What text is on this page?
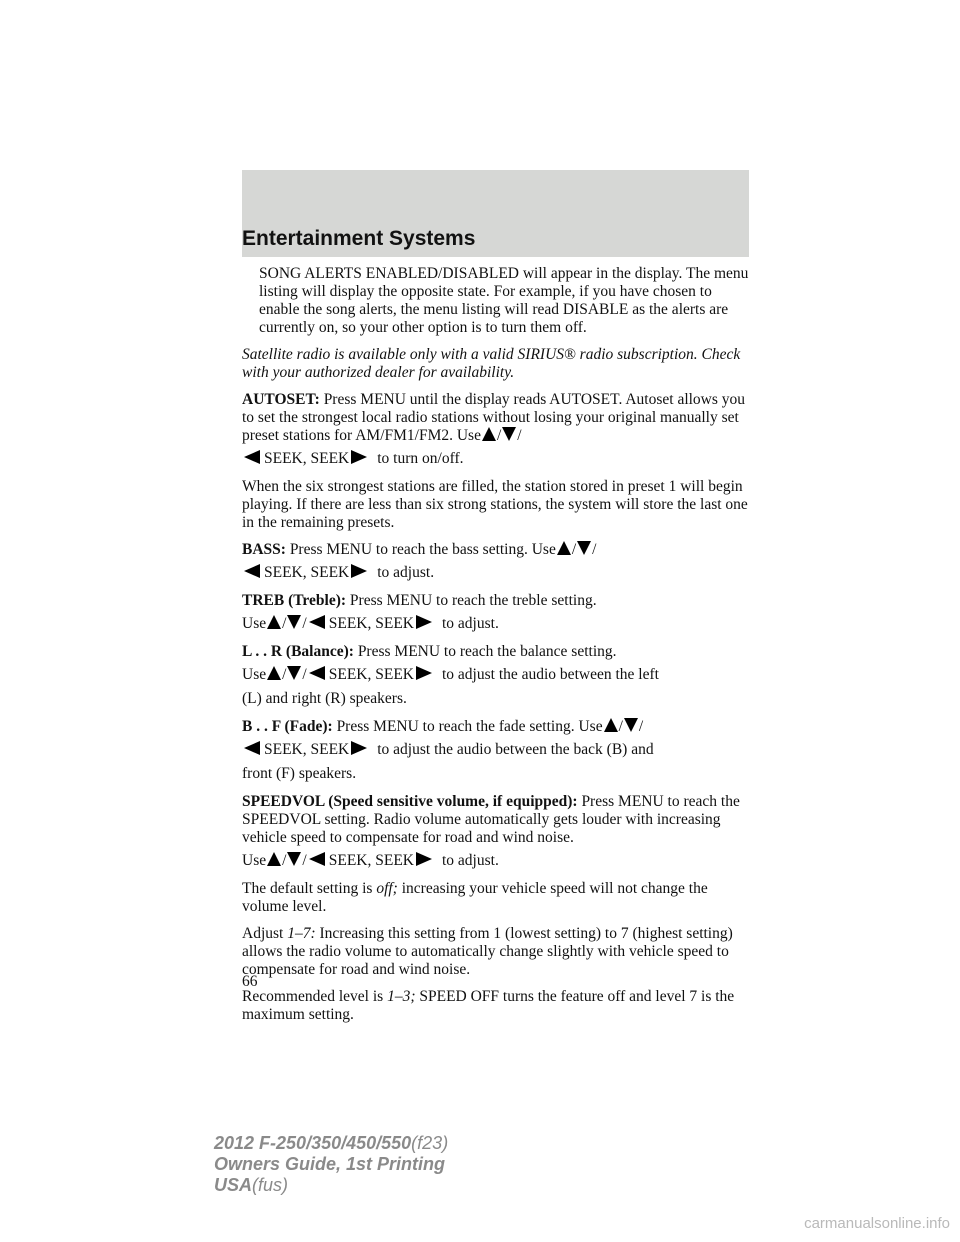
Entertainment Systems

SONG ALERTS ENABLED/DISABLED will appear in the display. The menu listing will display the opposite state. For example, if you have chosen to enable the song alerts, the menu listing will read DISABLE as the alerts are currently on, so your other option is to turn them off.

Satellite radio is available only with a valid SIRIUS® radio subscription. Check with your authorized dealer for availability.

AUTOSET: Press MENU until the display reads AUTOSET. Autoset allows you to set the strongest local radio stations without losing your original manually set preset stations for AM/FM1/FM2. Use / /
SEEK, SEEK to turn on/off.

When the six strongest stations are filled, the station stored in preset 1 will begin playing. If there are less than six strong stations, the system will store the last one in the remaining presets.

BASS: Press MENU to reach the bass setting. Use / /
SEEK, SEEK to adjust.

TREB (Treble): Press MENU to reach the treble setting.
Use / / SEEK, SEEK to adjust.

L . . R (Balance): Press MENU to reach the balance setting.
Use / / SEEK, SEEK to adjust the audio between the left
(L) and right (R) speakers.

B . . F (Fade): Press MENU to reach the fade setting. Use / /
SEEK, SEEK to adjust the audio between the back (B) and
front (F) speakers.

SPEEDVOL (Speed sensitive volume, if equipped): Press MENU to reach the SPEEDVOL setting. Radio volume automatically gets louder with increasing vehicle speed to compensate for road and wind noise.
Use / / SEEK, SEEK to adjust.

The default setting is off; increasing your vehicle speed will not change the volume level.

Adjust 1–7: Increasing this setting from 1 (lowest setting) to 7 (highest setting) allows the radio volume to automatically change slightly with vehicle speed to compensate for road and wind noise.

Recommended level is 1–3; SPEED OFF turns the feature off and level 7 is the maximum setting.

66
2012 F-250/350/450/550(f23)
Owners Guide, 1st Printing
USA(fus)
carmanualsonline.info
